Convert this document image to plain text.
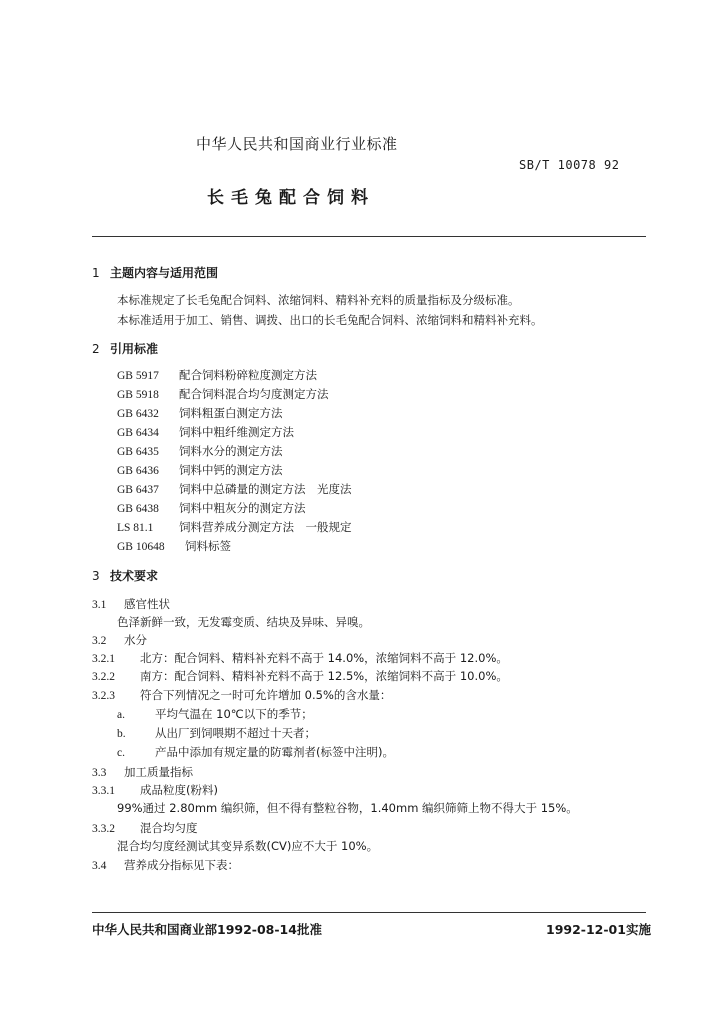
中华人民共和国商业行业标准
SB/T 10078 92
长毛兔配合饲料
1 主题内容与适用范围
本标准规定了长毛兔配合饲料、浓缩饲料、精料补充料的质量指标及分级标准。
本标准适用于加工、销售、调拨、出口的长毛兔配合饲料、浓缩饲料和精料补充料。
2 引用标准
GB 5917 配合饲料粉碎粒度测定方法
GB 5918 配合饲料混合均匀度测定方法
GB 6432 饲料粗蛋白测定方法
GB 6434 饲料中粗纤维测定方法
GB 6435 饲料水分的测定方法
GB 6436 饲料中钙的测定方法
GB 6437 饲料中总磷量的测定方法　光度法
GB 6438 饲料中粗灰分的测定方法
LS 81.1 饲料营养成分测定方法　一般规定
GB 10648 饲料标签
3 技术要求
3.1 感官性状
色泽新鲜一致，无发霉变质、结块及异味、异嗅。
3.2 水分
3.2.1 北方：配合饲料、精料补充料不高于 14.0%，浓缩饲料不高于 12.0%。
3.2.2 南方：配合饲料、精料补充料不高于 12.5%，浓缩饲料不高于 10.0%。
3.2.3 符合下列情况之一时可允许增加 0.5%的含水量：
a.	平均气温在 10℃以下的季节；
b.	从出厂到饲喂期不超过十天者；
c.	产品中添加有规定量的防霉剂者(标签中注明)。
3.3 加工质量指标
3.3.1 成品粒度(粉料)
99%通过 2.80mm 编织筛，但不得有整粒谷物，1.40mm 编织筛筛上物不得大于 15%。
3.3.2 混合均匀度
混合均匀度经测试其变异系数(CV)应不大于 10%。
3.4 营养成分指标见下表：
中华人民共和国商业部1992-08-14批准	1992-12-01实施
